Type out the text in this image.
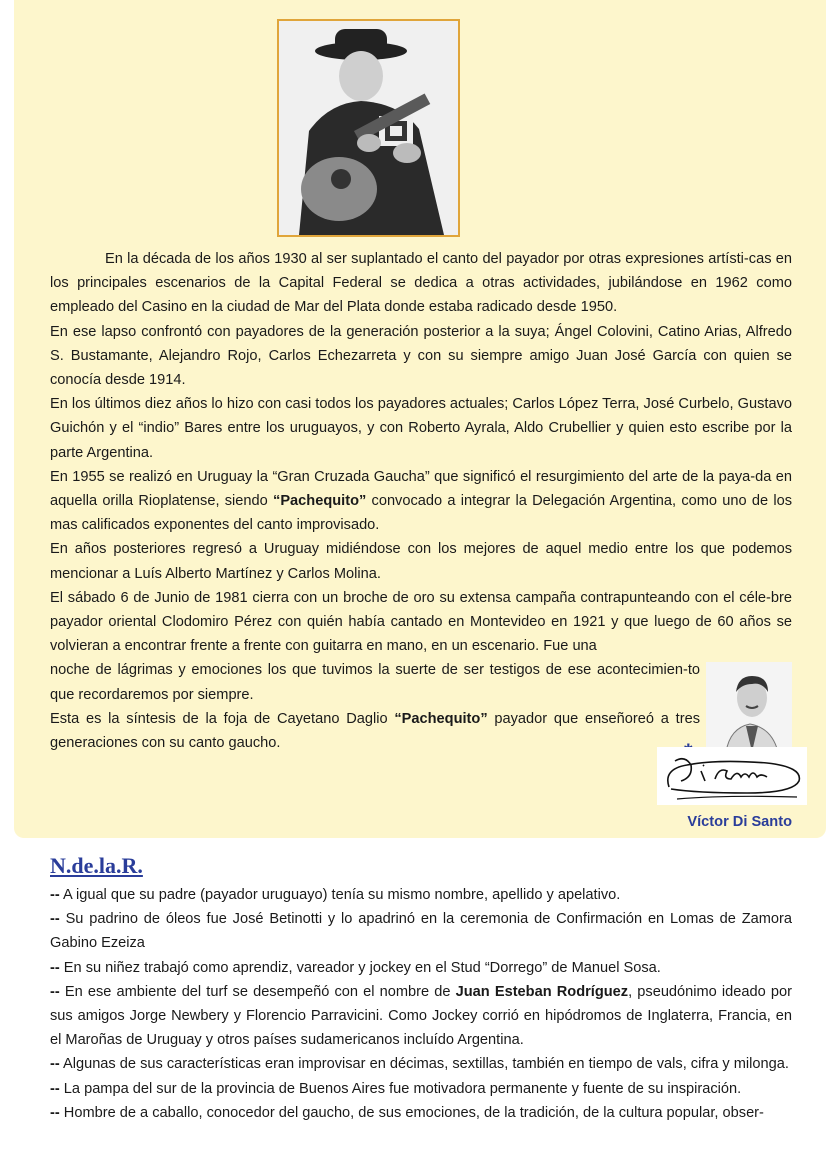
En la década de los años 1930 al ser suplantado el canto del payador por otras expresiones artísti-cas en los principales escenarios de la Capital Federal se dedica a otras actividades, jubilándose en 1962 como empleado del Casino en la ciudad de Mar del Plata donde estaba radicado desde 1950.

En ese lapso confrontó con payadores de la generación posterior a la suya; Ángel Colovini, Catino Arias, Alfredo S. Bustamante, Alejandro Rojo, Carlos Echezarreta y con su siempre amigo Juan José García con quien se conocía desde 1914.

En los últimos diez años lo hizo con casi todos los payadores actuales; Carlos López Terra, José Curbelo, Gustavo Guichón y el “indio” Bares entre los uruguayos, y con Roberto Ayrala, Aldo Crubellier y quien esto escribe por la parte Argentina.

En 1955 se realizó en Uruguay la “Gran Cruzada Gaucha” que significó el resurgimiento del arte de la paya-da en aquella orilla Rioplatense, siendo “Pachequito” convocado a integrar la Delegación Argentina, como uno de los mas calificados exponentes del canto improvisado.

En años posteriores regresó a Uruguay midiéndose con los mejores de aquel medio entre los que podemos mencionar a Luís Alberto Martínez y Carlos Molina.

El sábado 6 de Junio de 1981 cierra con un broche de oro su extensa campaña contrapunteando con el céle-bre payador oriental Clodomiro Pérez con quién había cantado en Montevideo en 1921 y que luego de 60 años se volvieran a encontrar frente a frente con guitarra en mano, en un escenario. Fue una

noche de lágrimas y emociones los que tuvimos la suerte de ser testigos de ese acontecimien-to que recordaremos por siempre.

Esta es la síntesis de la foja de Cayetano Daglio “Pachequito” payador que enseñoreó a tres generaciones con su canto gaucho.

Víctor Di Santo
N.de.la.R.

-- A igual que su padre (payador uruguayo) tenía su mismo nombre, apellido y apelativo.

-- Su padrino de óleos fue José Betinotti y lo apadrinó en la ceremonia de Confirmación en Lomas de Zamora Gabino Ezeiza

-- En su niñez trabajó como aprendiz, vareador y jockey en el Stud “Dorrego” de Manuel Sosa.

-- En ese ambiente del turf se desempeñó con el nombre de Juan Esteban Rodríguez, pseudónimo ideado por sus amigos Jorge Newbery y Florencio Parravicini. Como Jockey corrió en hipódromos de Inglaterra, Francia, en el Maroñas de Uruguay y otros países sudamericanos incluído Argentina.

-- Algunas de sus características eran improvisar en décimas, sextillas, también en tiempo de vals, cifra y milonga.

-- La pampa del sur de la provincia de Buenos Aires fue motivadora permanente y fuente de su inspiración.

-- Hombre de a caballo, conocedor del gaucho, de sus emociones, de la tradición, de la cultura popular, obser-
